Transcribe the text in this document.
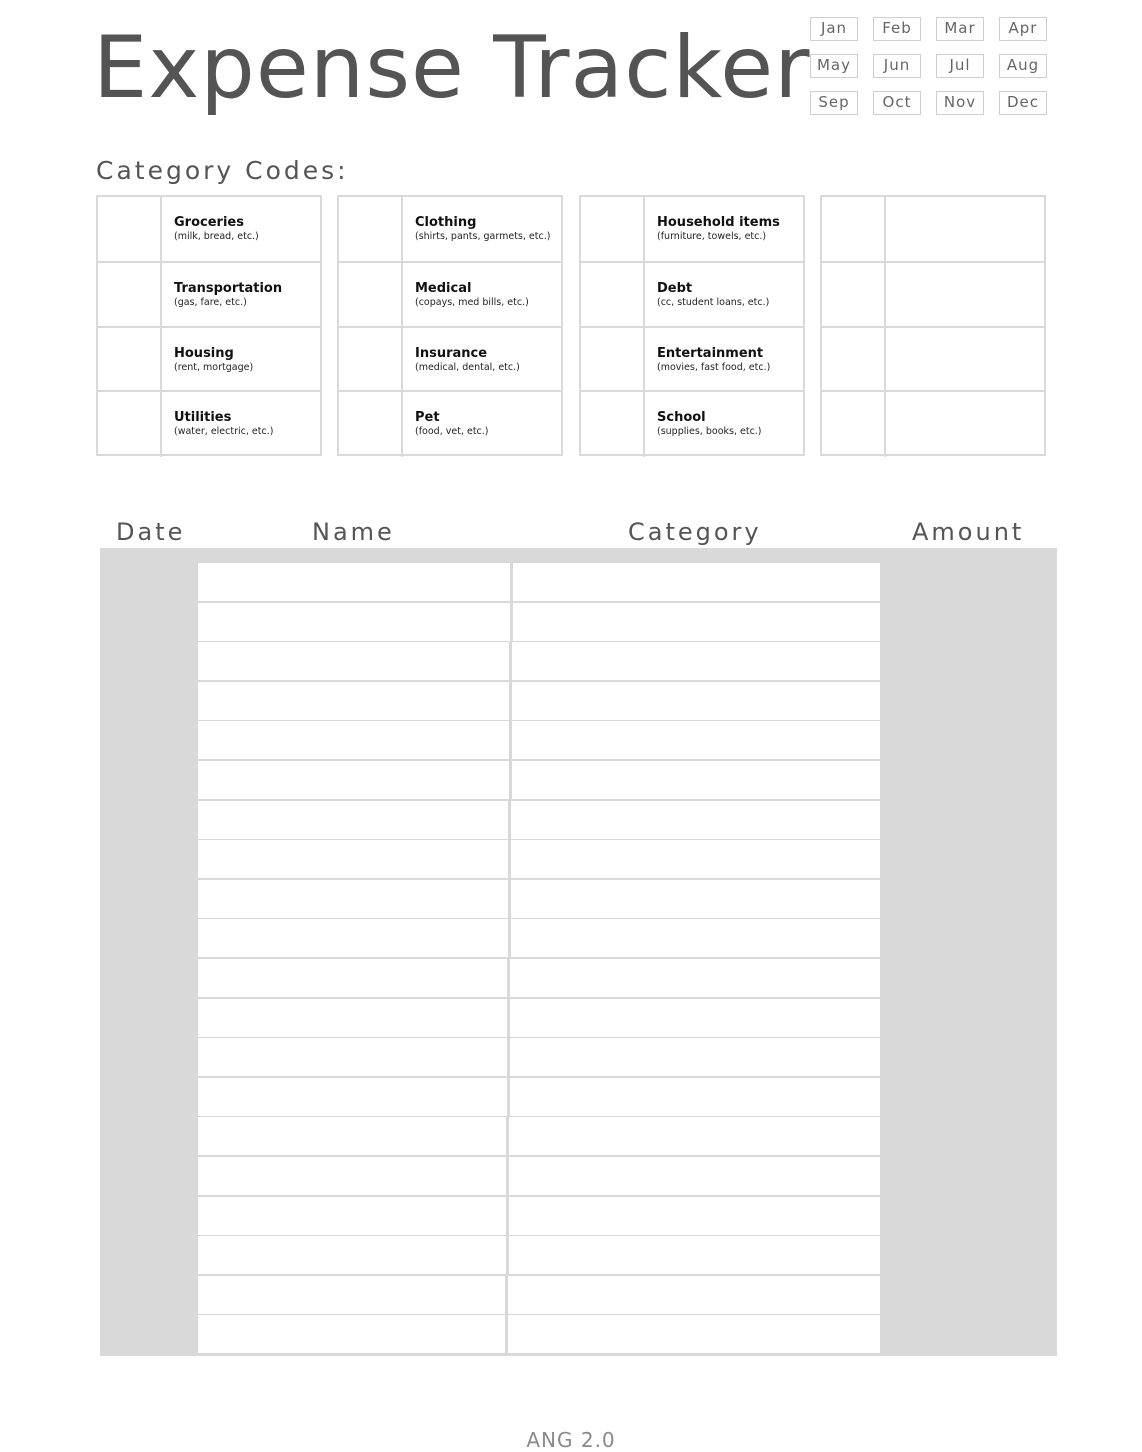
Expense Tracker Jan	Feb	Mar	Apr
May	Jun	Jul	Aug
Sep	Oct	Nov	Dec
Category Codes:
Groceries
(milk, bread, etc.)
Transportation
(gas, fare, etc.)
Housing
(rent, mortgage)
Utilities
(water, electric, etc.)
Clothing
(shirts, pants, garmets, etc.)
Medical
(copays, med bills, etc.)
Insurance
(medical, dental, etc.)
Pet
(food, vet, etc.)
Household items
(furniture, towels, etc.)
Debt
(cc, student loans, etc.)
Entertainment
(movies, fast food, etc.)
School
(supplies, books, etc.)
Date	Name	Category	Amount
ANG 2.0
